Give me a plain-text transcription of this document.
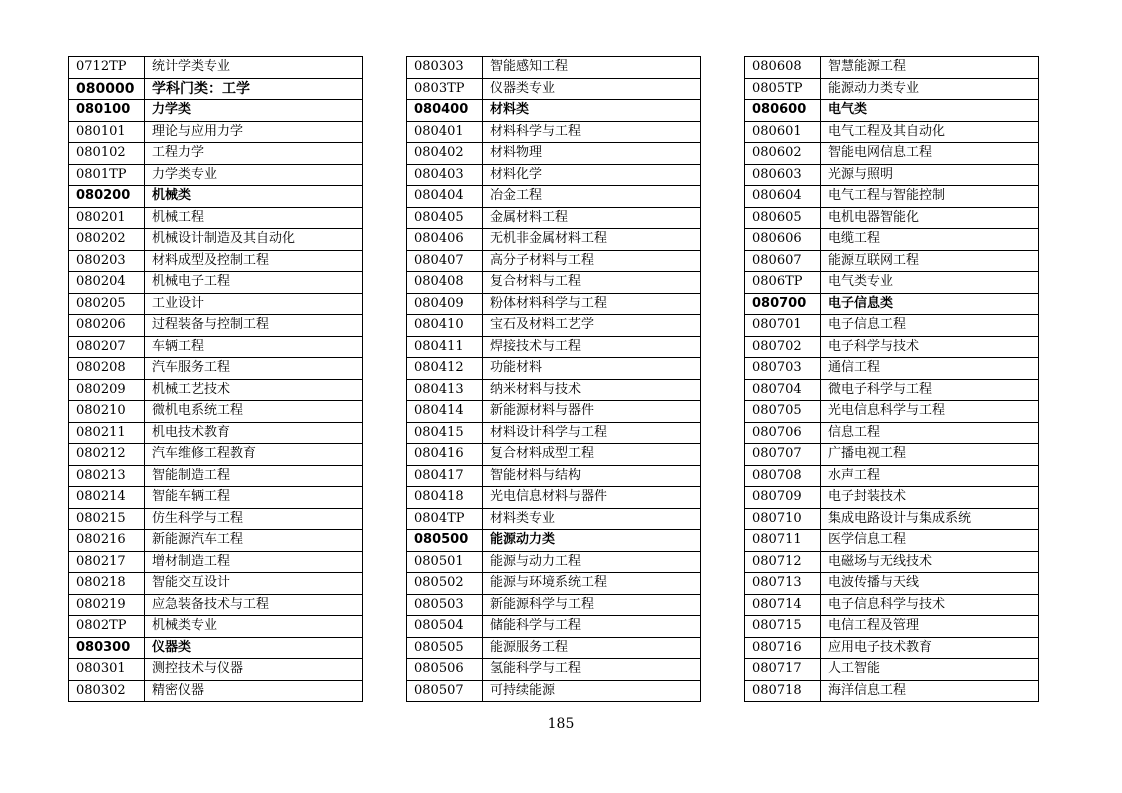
0712TP	统计学类专业
080000	学科门类：工学
080100	力学类
080101	理论与应用力学
080102	工程力学
0801TP	力学类专业
080200	机械类
080201	机械工程
080202	机械设计制造及其自动化
080203	材料成型及控制工程
080204	机械电子工程
080205	工业设计
080206	过程装备与控制工程
080207	车辆工程
080208	汽车服务工程
080209	机械工艺技术
080210	微机电系统工程
080211	机电技术教育
080212	汽车维修工程教育
080213	智能制造工程
080214	智能车辆工程
080215	仿生科学与工程
080216	新能源汽车工程
080217	增材制造工程
080218	智能交互设计
080219	应急装备技术与工程
0802TP	机械类专业
080300	仪器类
080301	测控技术与仪器
080302	精密仪器
080303	智能感知工程
0803TP	仪器类专业
080400	材料类
080401	材料科学与工程
080402	材料物理
080403	材料化学
080404	冶金工程
080405	金属材料工程
080406	无机非金属材料工程
080407	高分子材料与工程
080408	复合材料与工程
080409	粉体材料科学与工程
080410	宝石及材料工艺学
080411	焊接技术与工程
080412	功能材料
080413	纳米材料与技术
080414	新能源材料与器件
080415	材料设计科学与工程
080416	复合材料成型工程
080417	智能材料与结构
080418	光电信息材料与器件
0804TP	材料类专业
080500	能源动力类
080501	能源与动力工程
080502	能源与环境系统工程
080503	新能源科学与工程
080504	储能科学与工程
080505	能源服务工程
080506	氢能科学与工程
080507	可持续能源
080608	智慧能源工程
0805TP	能源动力类专业
080600	电气类
080601	电气工程及其自动化
080602	智能电网信息工程
080603	光源与照明
080604	电气工程与智能控制
080605	电机电器智能化
080606	电缆工程
080607	能源互联网工程
0806TP	电气类专业
080700	电子信息类
080701	电子信息工程
080702	电子科学与技术
080703	通信工程
080704	微电子科学与工程
080705	光电信息科学与工程
080706	信息工程
080707	广播电视工程
080708	水声工程
080709	电子封装技术
080710	集成电路设计与集成系统
080711	医学信息工程
080712	电磁场与无线技术
080713	电波传播与天线
080714	电子信息科学与技术
080715	电信工程及管理
080716	应用电子技术教育
080717	人工智能
080718	海洋信息工程
185
